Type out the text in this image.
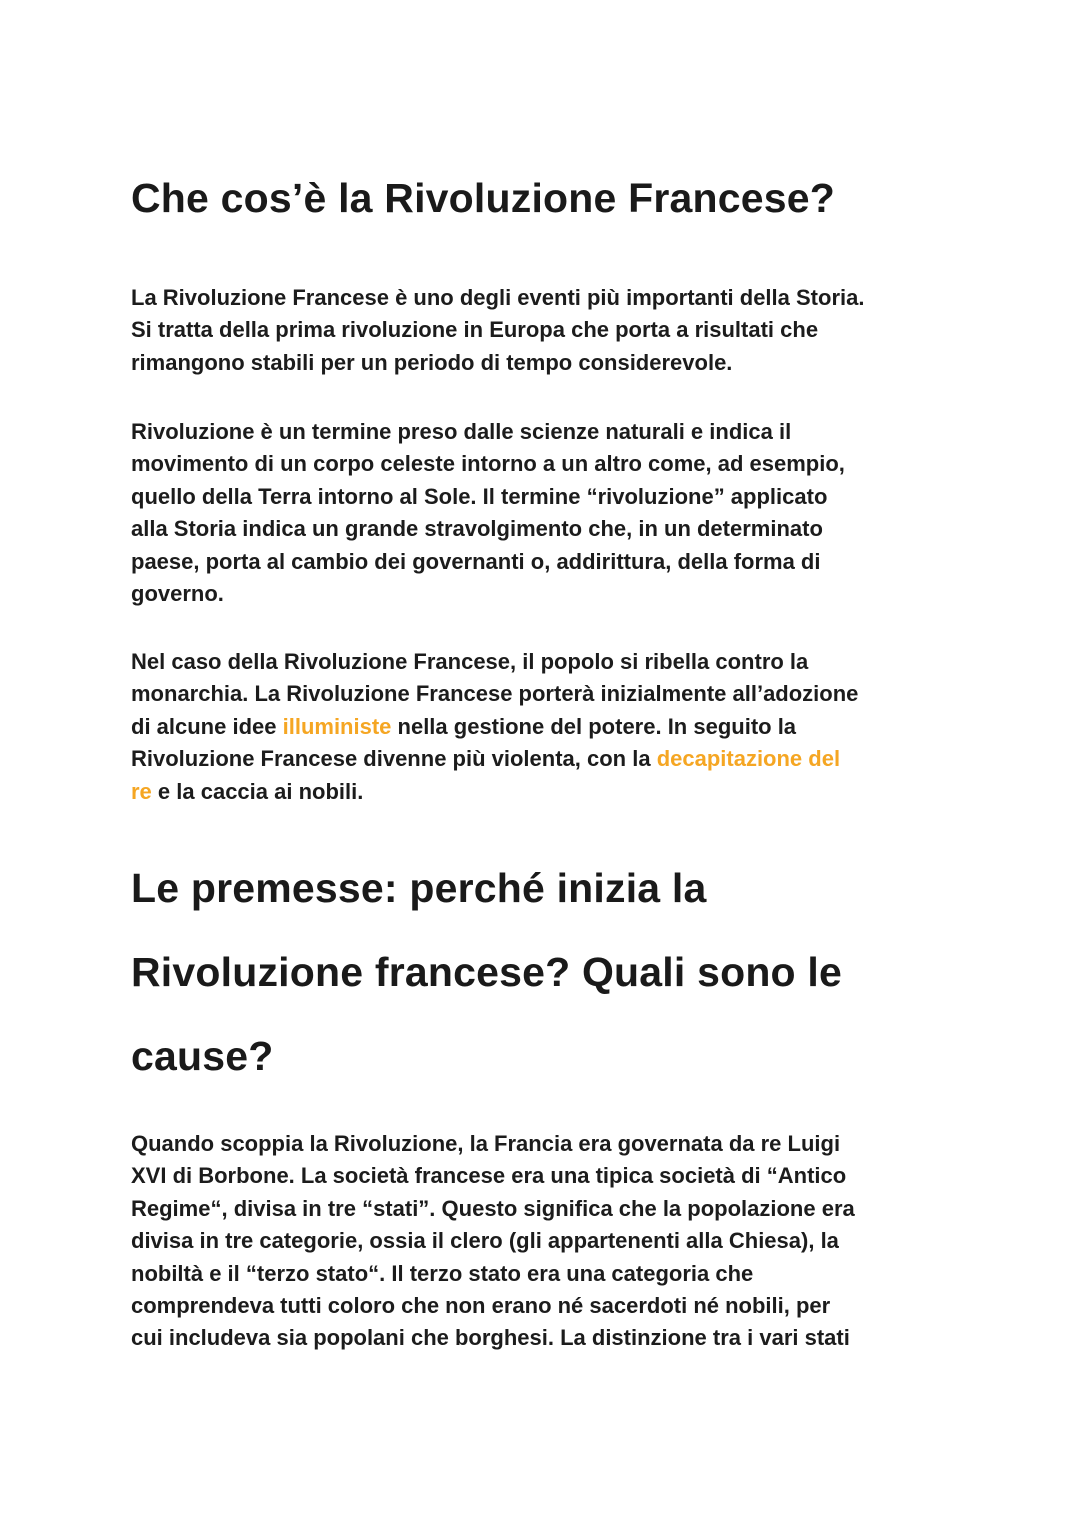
Che cos’è la Rivoluzione Francese?
La Rivoluzione Francese è uno degli eventi più importanti della Storia.
Si tratta della prima rivoluzione in Europa che porta a risultati che
rimangono stabili per un periodo di tempo considerevole.
Rivoluzione è un termine preso dalle scienze naturali e indica il
movimento di un corpo celeste intorno a un altro come, ad esempio,
quello della Terra intorno al Sole. Il termine “rivoluzione” applicato
alla Storia indica un grande stravolgimento che, in un determinato
paese, porta al cambio dei governanti o, addirittura, della forma di
governo.
Nel caso della Rivoluzione Francese, il popolo si ribella contro la
monarchia. La Rivoluzione Francese porterà inizialmente all’adozione
di alcune idee illuministe nella gestione del potere. In seguito la
Rivoluzione Francese divenne più violenta, con la decapitazione del
re e la caccia ai nobili.
Le premesse: perché inizia la
Rivoluzione francese? Quali sono le
cause?
Quando scoppia la Rivoluzione, la Francia era governata da re Luigi
XVI di Borbone. La società francese era una tipica società di “Antico
Regime“, divisa in tre “stati”. Questo significa che la popolazione era
divisa in tre categorie, ossia il clero (gli appartenenti alla Chiesa), la
nobiltà e il “terzo stato“. Il terzo stato era una categoria che
comprendeva tutti coloro che non erano né sacerdoti né nobili, per
cui includeva sia popolani che borghesi. La distinzione tra i vari stati
